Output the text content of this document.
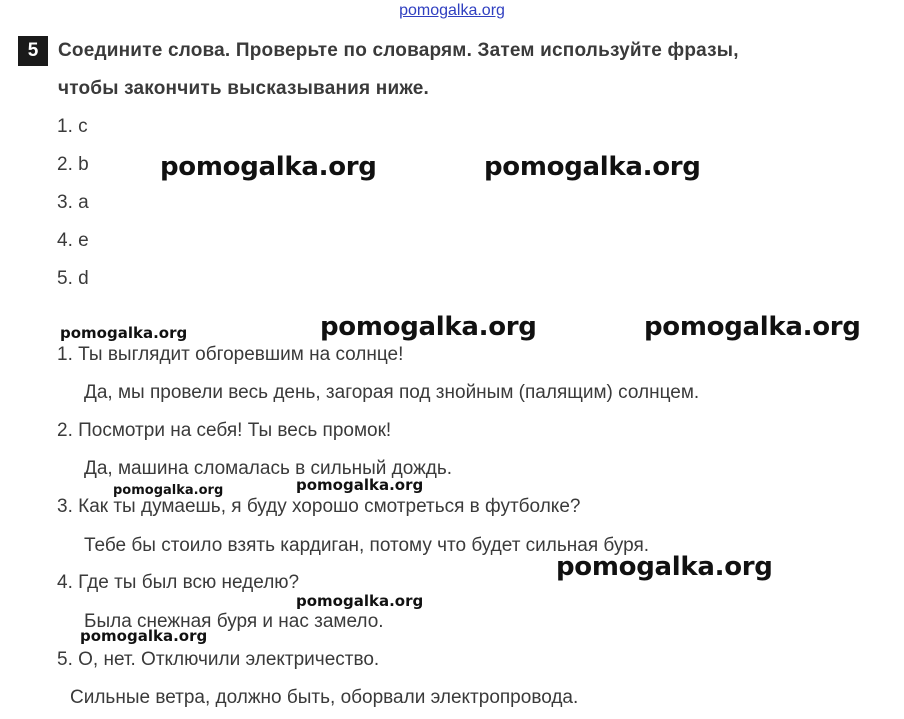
pomogalka.org
5	Соедините слова. Проверьте по словарям. Затем используйте фразы,
чтобы закончить высказывания ниже.
1. c
2. b
3. a
4. e
5. d
1. Ты выглядит обгоревшим на солнце!
Да, мы провели весь день, загорая под знойным (палящим) солнцем.
2. Посмотри на себя! Ты весь промок!
Да, машина сломалась в сильный дождь.
3. Как ты думаешь, я буду хорошо смотреться в футболке?
Тебе бы стоило взять кардиган, потому что будет сильная буря.
4. Где ты был всю неделю?
Была снежная буря и нас замело.
5. О, нет. Отключили электричество.
Сильные ветра, должно быть, оборвали электропровода.
pomogalka.org	pomogalka.org
pomogalka.org	pomogalka.org	pomogalka.org
pomogalka.org	pomogalka.org
pomogalka.org
pomogalka.org
pomogalka.org
